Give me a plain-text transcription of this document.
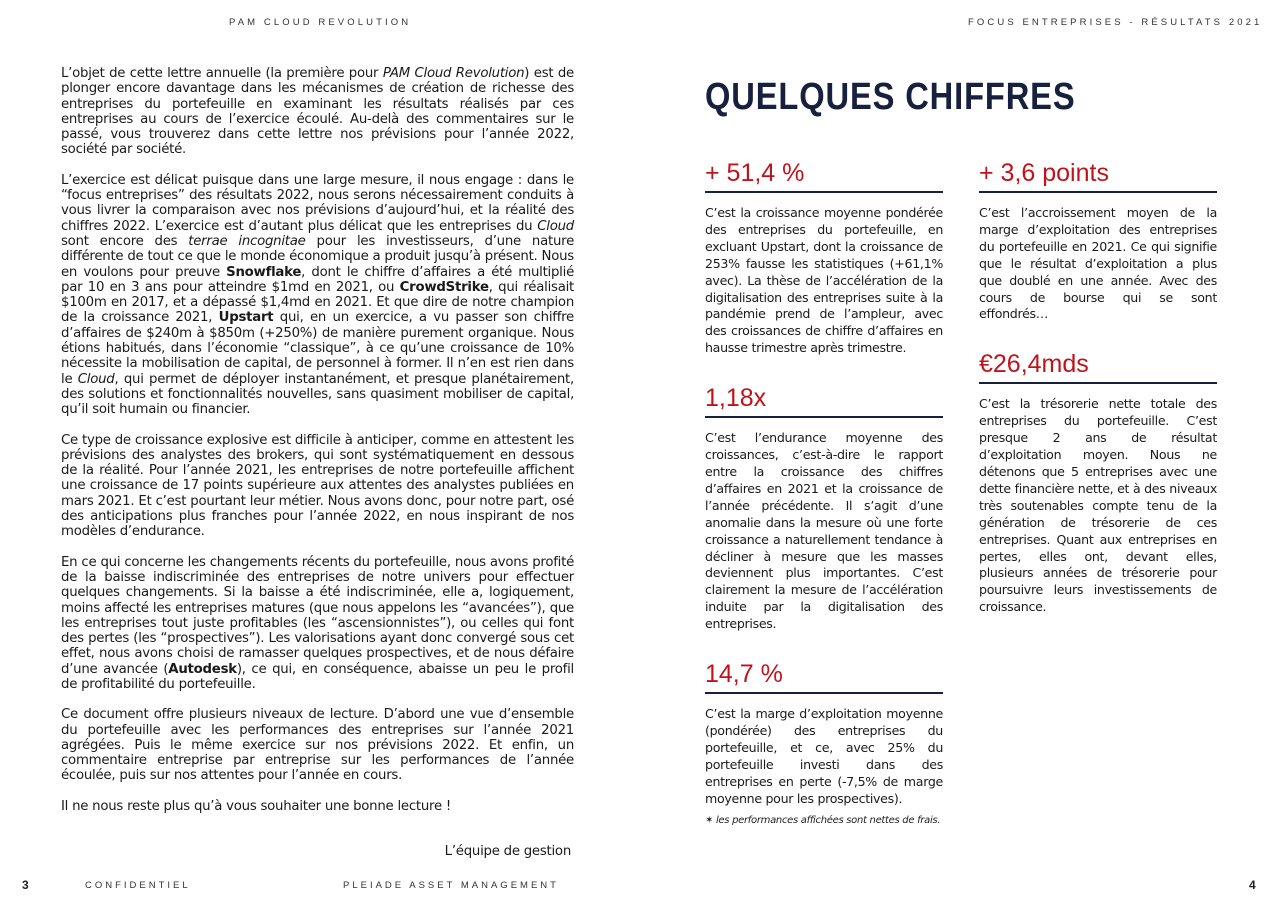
PAM CLOUD REVOLUTION	FOCUS ENTREPRISES - RÉSULTATS 2021

L’objet de cette lettre annuelle (la première pour PAM Cloud Revolution) est de plonger encore davantage dans les mécanismes de création de richesse des entreprises du portefeuille en examinant les résultats réalisés par ces entreprises au cours de l’exercice écoulé. Au-delà des commentaires sur le passé, vous trouverez dans cette lettre nos prévisions pour l’année 2022, société par société.

L’exercice est délicat puisque dans une large mesure, il nous engage : dans le “focus entreprises” des résultats 2022, nous serons nécessairement conduits à vous livrer la comparaison avec nos prévisions d’aujourd’hui, et la réalité des chiffres 2022. L’exercice est d’autant plus délicat que les entreprises du Cloud sont encore des terrae incognitae pour les investisseurs, d’une nature différente de tout ce que le monde économique a produit jusqu’à présent. Nous en voulons pour preuve Snowflake, dont le chiffre d’affaires a été multiplié par 10 en 3 ans pour atteindre $1md en 2021, ou CrowdStrike, qui réalisait $100m en 2017, et a dépassé $1,4md en 2021. Et que dire de notre champion de la croissance 2021, Upstart qui, en un exercice, a vu passer son chiffre d’affaires de $240m à $850m (+250%) de manière purement organique. Nous étions habitués, dans l’économie “classique”, à ce qu’une croissance de 10% nécessite la mobilisation de capital, de personnel à former. Il n’en est rien dans le Cloud, qui permet de déployer instantanément, et presque planétairement, des solutions et fonctionnalités nouvelles, sans quasiment mobiliser de capital, qu’il soit humain ou financier.

Ce type de croissance explosive est difficile à anticiper, comme en attestent les prévisions des analystes des brokers, qui sont systématiquement en dessous de la réalité. Pour l’année 2021, les entreprises de notre portefeuille affichent une croissance de 17 points supérieure aux attentes des analystes publiées en mars 2021. Et c’est pourtant leur métier. Nous avons donc, pour notre part, osé des anticipations plus franches pour l’année 2022, en nous inspirant de nos modèles d’endurance.

En ce qui concerne les changements récents du portefeuille, nous avons profité de la baisse indiscriminée des entreprises de notre univers pour effectuer quelques changements. Si la baisse a été indiscriminée, elle a, logiquement, moins affecté les entreprises matures (que nous appelons les “avancées”), que les entreprises tout juste profitables (les “ascensionnistes”), ou celles qui font des pertes (les “prospectives”). Les valorisations ayant donc convergé sous cet effet, nous avons choisi de ramasser quelques prospectives, et de nous défaire d’une avancée (Autodesk), ce qui, en conséquence, abaisse un peu le profil de profitabilité du portefeuille.

Ce document offre plusieurs niveaux de lecture. D’abord une vue d’ensemble du portefeuille avec les performances des entreprises sur l’année 2021 agrégées. Puis le même exercice sur nos prévisions 2022. Et enfin, un commentaire entreprise par entreprise sur les performances de l’année écoulée, puis sur nos attentes pour l’année en cours.

Il ne nous reste plus qu’à vous souhaiter une bonne lecture !

L’équipe de gestion

QUELQUES CHIFFRES
+ 51,4 %
C’est la croissance moyenne pondérée des entreprises du portefeuille, en excluant Upstart, dont la croissance de 253% fausse les statistiques (+61,1% avec). La thèse de l’accélération de la digitalisation des entreprises suite à la pandémie prend de l’ampleur, avec des croissances de chiffre d’affaires en hausse trimestre après trimestre.
1,18x
C’est l’endurance moyenne des croissances, c’est-à-dire le rapport entre la croissance des chiffres d’affaires en 2021 et la croissance de l’année précédente. Il s’agit d’une anomalie dans la mesure où une forte croissance a naturellement tendance à décliner à mesure que les masses deviennent plus importantes. C’est clairement la mesure de l’accélération induite par la digitalisation des entreprises.
14,7 %
C’est la marge d’exploitation moyenne (pondérée) des entreprises du portefeuille, et ce, avec 25% du portefeuille investi dans des entreprises en perte (-7,5% de marge moyenne pour les prospectives).
+ 3,6 points
C’est l’accroissement moyen de la marge d’exploitation des entreprises du portefeuille en 2021. Ce qui signifie que le résultat d’exploitation a plus que doublé en une année. Avec des cours de bourse qui se sont effondrés…
€26,4mds
C’est la trésorerie nette totale des entreprises du portefeuille. C’est presque 2 ans de résultat d’exploitation moyen. Nous ne détenons que 5 entreprises avec une dette financière nette, et à des niveaux très soutenables compte tenu de la génération de trésorerie de ces entreprises. Quant aux entreprises en pertes, elles ont, devant elles, plusieurs années de trésorerie pour poursuivre leurs investissements de croissance.
✶ les performances affichées sont nettes de frais.
3	CONFIDENTIEL	PLEIADE ASSET MANAGEMENT	4
